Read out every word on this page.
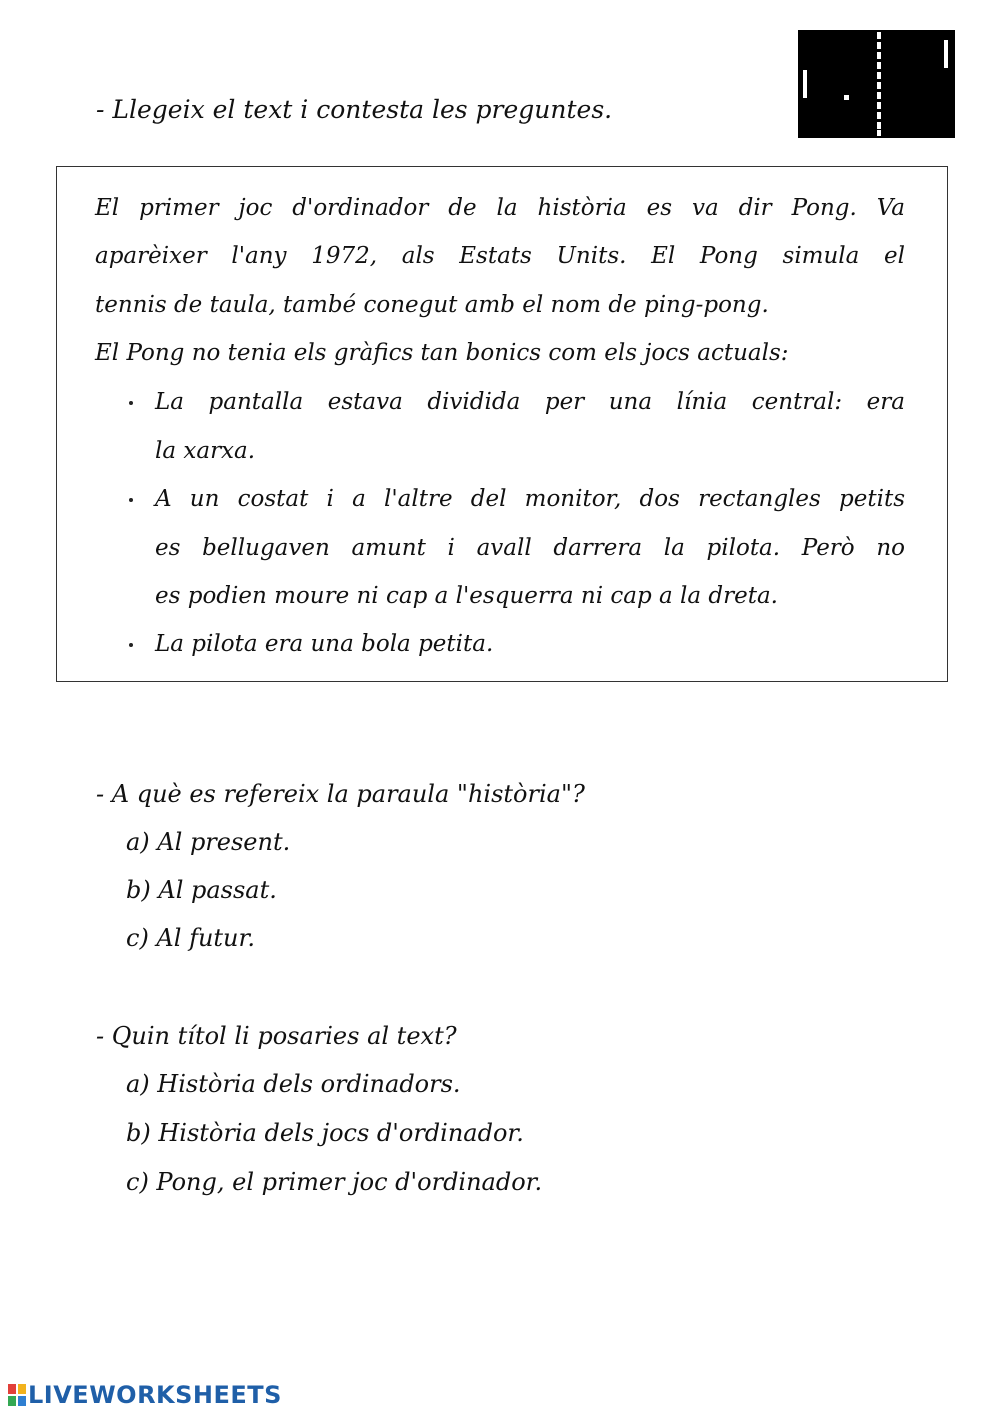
- Llegeix el text i contesta les preguntes.
El primer joc d'ordinador de la història es va dir Pong. Va
aparèixer l'any 1972, als Estats Units. El Pong simula el
tennis de taula, també conegut amb el nom de ping-pong.
El Pong no tenia els gràfics tan bonics com els jocs actuals:
La pantalla estava dividida per una línia central: era
la xarxa.
A un costat i a l'altre del monitor, dos rectangles petits
es bellugaven amunt i avall darrera la pilota. Però no
es podien moure ni cap a l'esquerra ni cap a la dreta.
La pilota era una bola petita.
- A què es refereix la paraula "història"?
a) Al present.
b) Al passat.
c) Al futur.
- Quin títol li posaries al text?
a) Història dels ordinadors.
b) Història dels jocs d'ordinador.
c) Pong, el primer joc d'ordinador.
LIVEWORKSHEETS
